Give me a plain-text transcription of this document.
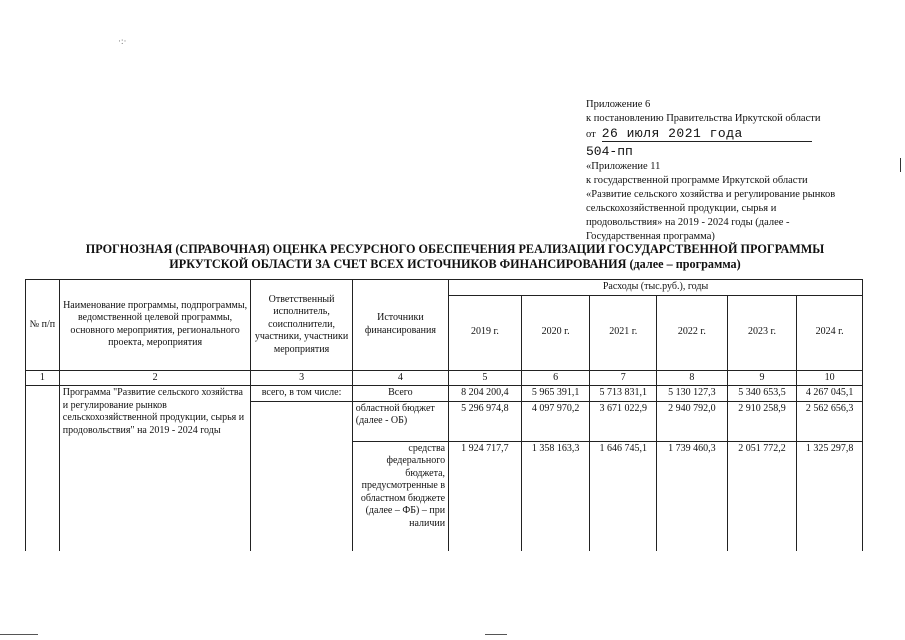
Приложение 6
к постановлению Правительства Иркутской области
от 26 июля 2021 года
504-пп
«Приложение 11
к государственной программе Иркутской области
«Развитие сельского хозяйства и регулирование рынков
сельскохозяйственной продукции, сырья и
продовольствия» на 2019 - 2024 годы (далее -
Государственная программа)
·:·
ПРОГНОЗНАЯ (СПРАВОЧНАЯ) ОЦЕНКА РЕСУРСНОГО ОБЕСПЕЧЕНИЯ РЕАЛИЗАЦИИ ГОСУДАРСТВЕННОЙ ПРОГРАММЫ
ИРКУТСКОЙ ОБЛАСТИ ЗА СЧЕТ ВСЕХ ИСТОЧНИКОВ ФИНАНСИРОВАНИЯ (далее – программа)
№ п/п	Наименование программы, подпрограммы, ведомственной целевой программы, основного мероприятия, регионального проекта, мероприятия	Ответственный исполнитель, соисполнители, участники, участники мероприятия	Источники финансирования	Расходы (тыс.руб.), годы					
				2019 г.	2020 г.	2021 г.	2022 г.	2023 г.	2024 г.
1	2	3	4	5	6	7	8	9	10
	Программа "Развитие сельского хозяйства и регулирование рынков сельскохозяйственной продукции, сырья и продовольствия" на 2019 - 2024 годы	всего, в том числе:	Всего	8 204 200,4	5 965 391,1	5 713 831,1	5 130 127,3	5 340 653,5	4 267 045,1
			областной бюджет (далее - ОБ)	5 296 974,8	4 097 970,2	3 671 022,9	2 940 792,0	2 910 258,9	2 562 656,3
			средства федерального бюджета, предусмотренные в областном бюджете (далее – ФБ) – при наличии	1 924 717,7	1 358 163,3	1 646 745,1	1 739 460,3	2 051 772,2	1 325 297,8
